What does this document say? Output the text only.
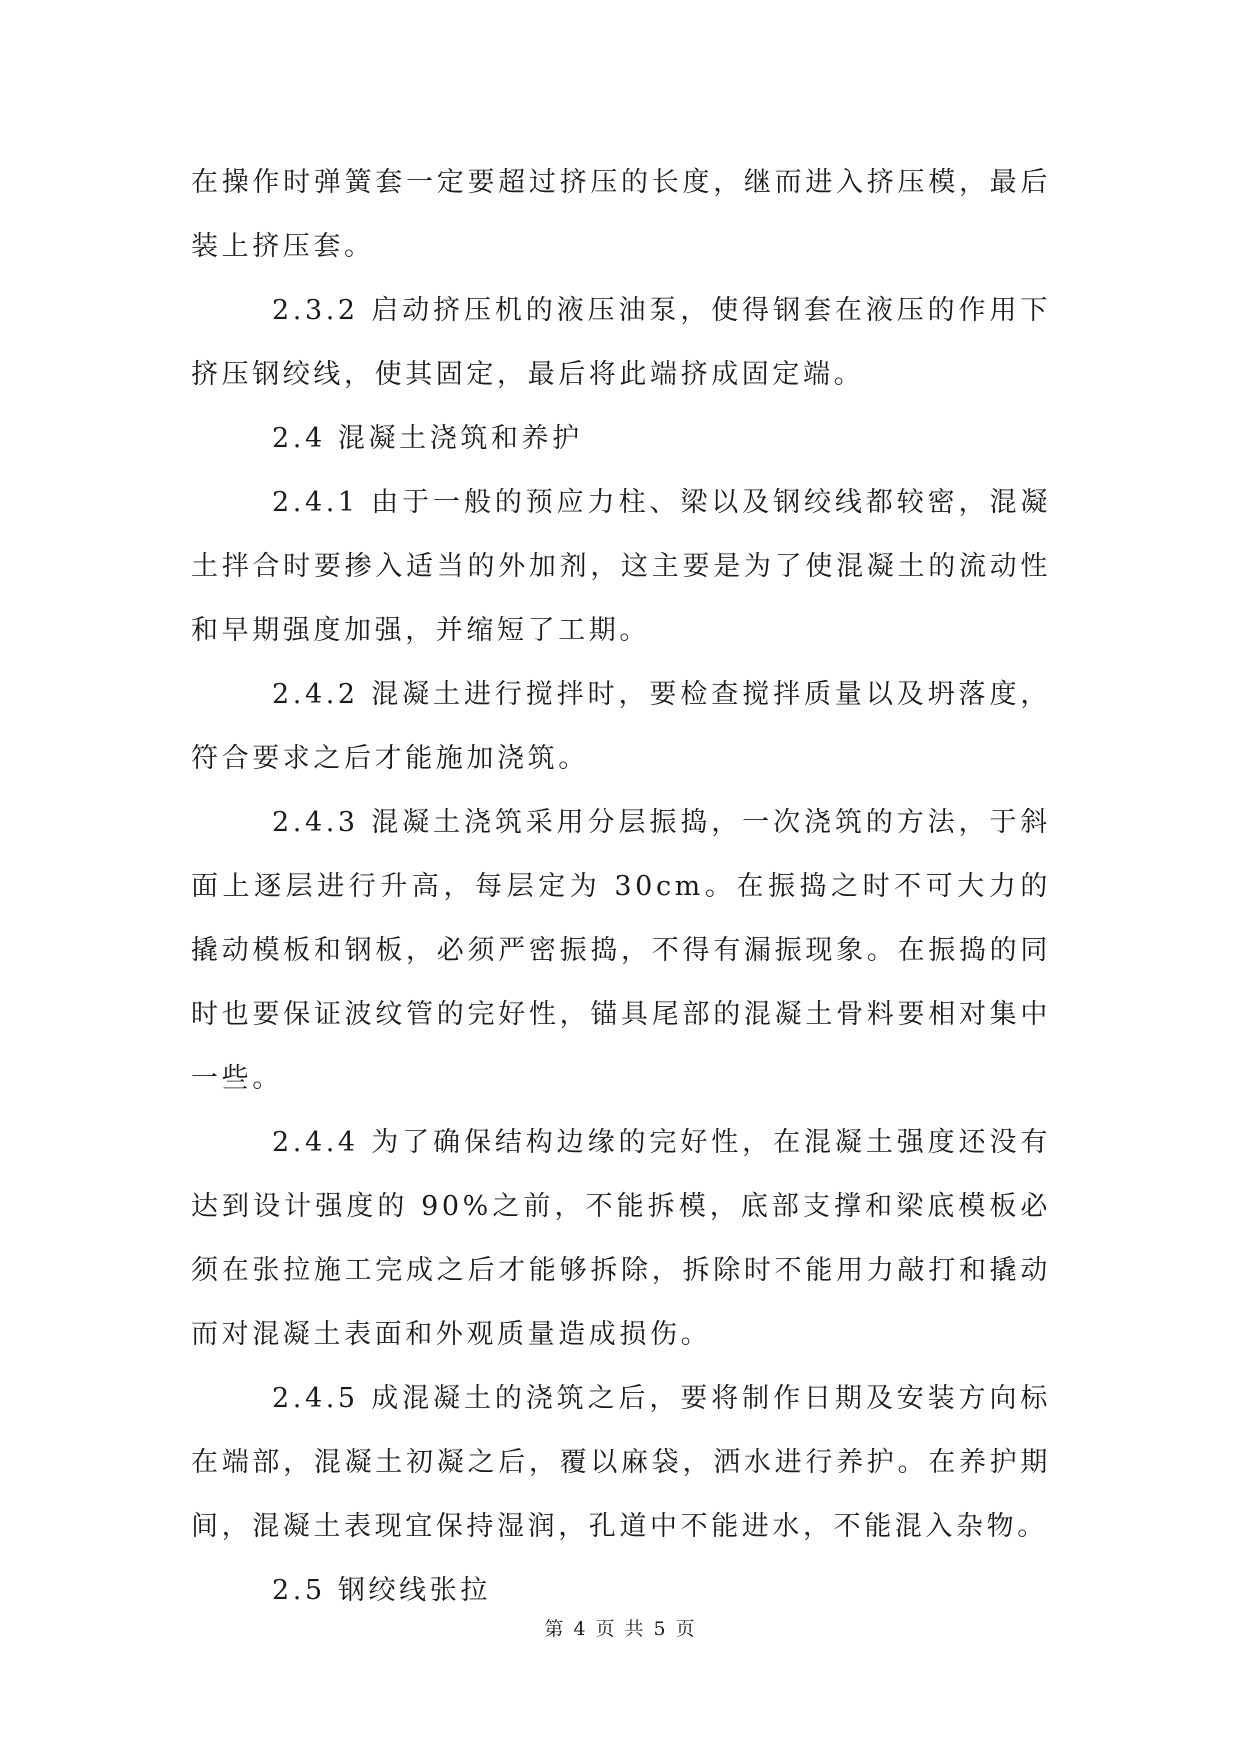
在操作时弹簧套一定要超过挤压的长度，继而进入挤压模，最后装上挤压套。

2.3.2 启动挤压机的液压油泵，使得钢套在液压的作用下挤压钢绞线，使其固定，最后将此端挤成固定端。

2.4 混凝土浇筑和养护

2.4.1 由于一般的预应力柱、梁以及钢绞线都较密，混凝土拌合时要掺入适当的外加剂，这主要是为了使混凝土的流动性和早期强度加强，并缩短了工期。

2.4.2 混凝土进行搅拌时，要检查搅拌质量以及坍落度，符合要求之后才能施加浇筑。

2.4.3 混凝土浇筑采用分层振捣，一次浇筑的方法，于斜面上逐层进行升高，每层定为 30cm。在振捣之时不可大力的撬动模板和钢板，必须严密振捣，不得有漏振现象。在振捣的同时也要保证波纹管的完好性，锚具尾部的混凝土骨料要相对集中一些。

2.4.4 为了确保结构边缘的完好性，在混凝土强度还没有达到设计强度的 90%之前，不能拆模，底部支撑和梁底模板必须在张拉施工完成之后才能够拆除，拆除时不能用力敲打和撬动而对混凝土表面和外观质量造成损伤。

2.4.5 成混凝土的浇筑之后，要将制作日期及安装方向标在端部，混凝土初凝之后，覆以麻袋，洒水进行养护。在养护期间，混凝土表现宜保持湿润，孔道中不能进水，不能混入杂物。

2.5 钢绞线张拉

第 4 页 共 5 页
